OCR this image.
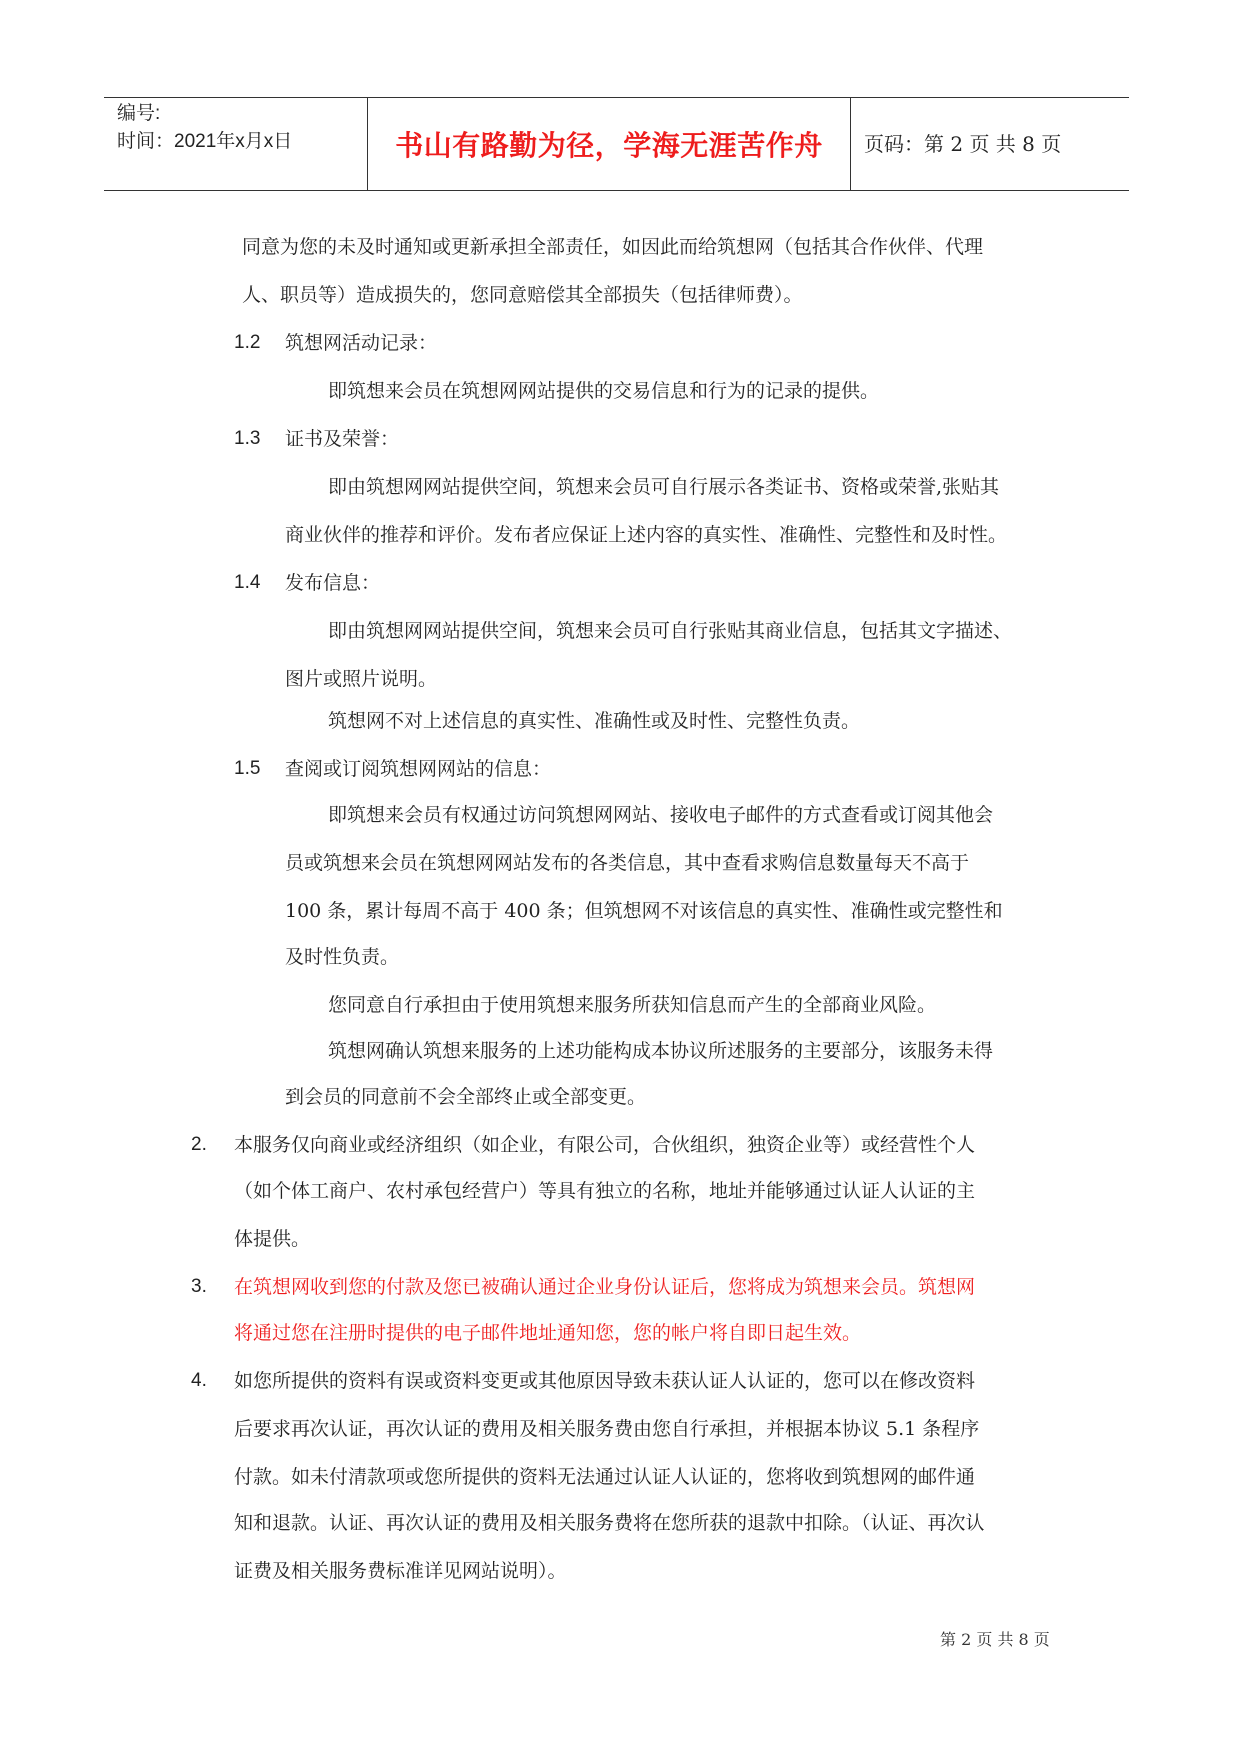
编号:
时间：2021年x月x日	书山有路勤为径，学海无涯苦作舟	页码：第 2 页 共 8 页
同意为您的未及时通知或更新承担全部责任，如因此而给筑想网（包括其合作伙伴、代理
人、职员等）造成损失的，您同意赔偿其全部损失（包括律师费）。
1.2 筑想网活动记录：
即筑想来会员在筑想网网站提供的交易信息和行为的记录的提供。
1.3 证书及荣誉：
即由筑想网网站提供空间，筑想来会员可自行展示各类证书、资格或荣誉,张贴其
商业伙伴的推荐和评价。发布者应保证上述内容的真实性、准确性、完整性和及时性。
1.4 发布信息：
即由筑想网网站提供空间，筑想来会员可自行张贴其商业信息，包括其文字描述、
图片或照片说明。
筑想网不对上述信息的真实性、准确性或及时性、完整性负责。
1.5 查阅或订阅筑想网网站的信息：
即筑想来会员有权通过访问筑想网网站、接收电子邮件的方式查看或订阅其他会
员或筑想来会员在筑想网网站发布的各类信息，其中查看求购信息数量每天不高于
100 条，累计每周不高于 400 条；但筑想网不对该信息的真实性、准确性或完整性和
及时性负责。
您同意自行承担由于使用筑想来服务所获知信息而产生的全部商业风险。
筑想网确认筑想来服务的上述功能构成本协议所述服务的主要部分，该服务未得
到会员的同意前不会全部终止或全部变更。
2. 本服务仅向商业或经济组织（如企业，有限公司，合伙组织，独资企业等）或经营性个人
（如个体工商户、农村承包经营户）等具有独立的名称，地址并能够通过认证人认证的主
体提供。
3. 在筑想网收到您的付款及您已被确认通过企业身份认证后，您将成为筑想来会员。筑想网
将通过您在注册时提供的电子邮件地址通知您，您的帐户将自即日起生效。
4. 如您所提供的资料有误或资料变更或其他原因导致未获认证人认证的，您可以在修改资料
后要求再次认证，再次认证的费用及相关服务费由您自行承担，并根据本协议 5.1 条程序
付款。如未付清款项或您所提供的资料无法通过认证人认证的，您将收到筑想网的邮件通
知和退款。认证、再次认证的费用及相关服务费将在您所获的退款中扣除。（认证、再次认
证费及相关服务费标准详见网站说明）。
第 2 页 共 8 页
